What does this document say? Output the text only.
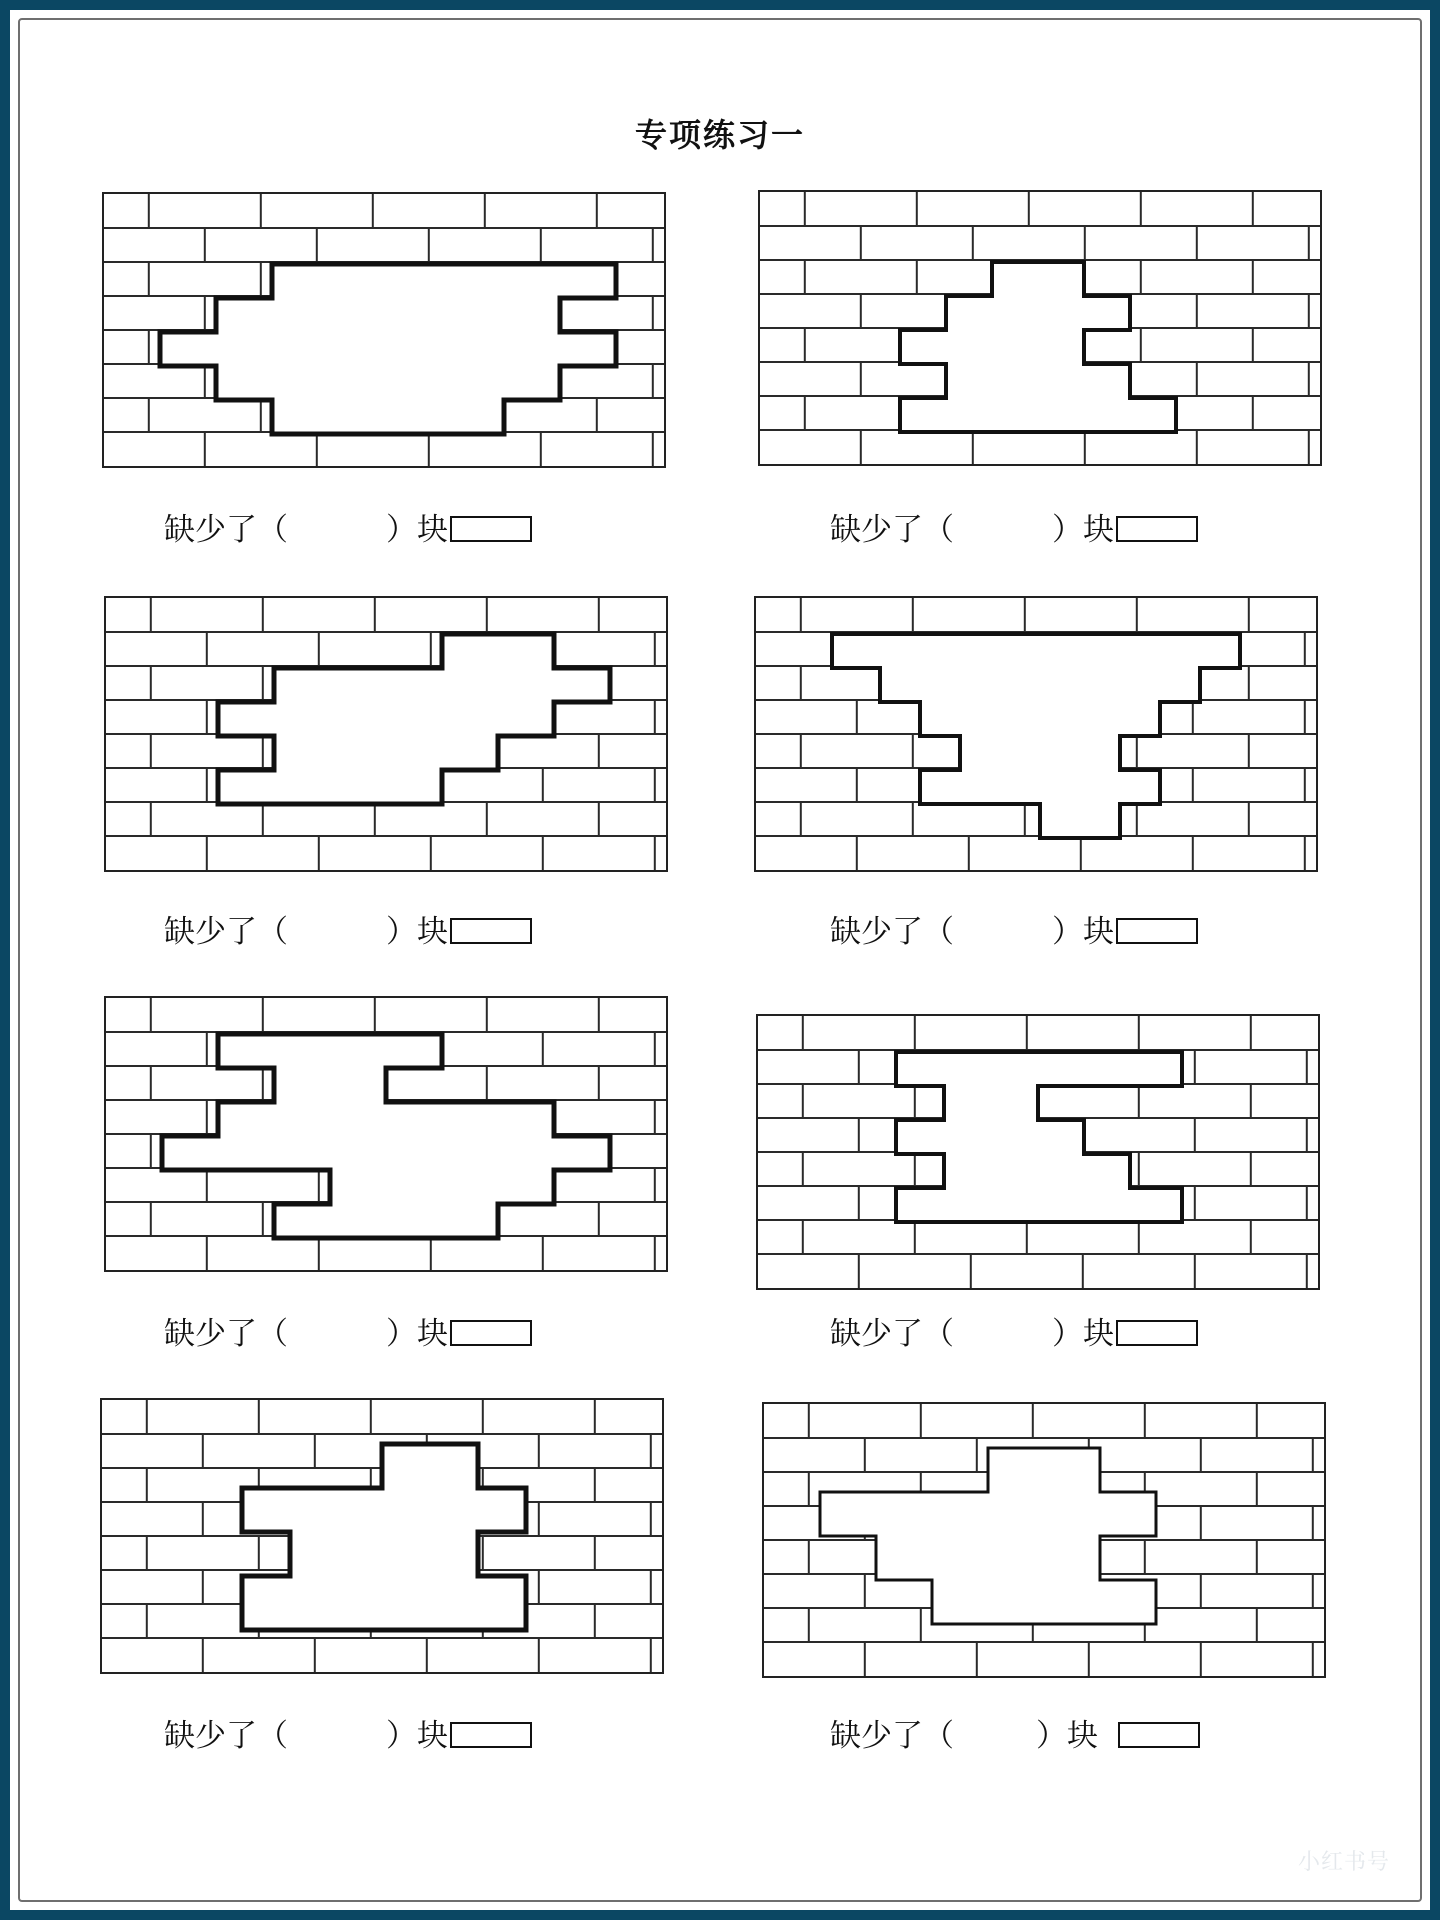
专项练习一
缺少了（	）块	缺少了（	）块
缺少了（	）块	缺少了（	）块
缺少了（	）块	缺少了（	）块
缺少了（	）块	缺少了（	）块
小红书号
